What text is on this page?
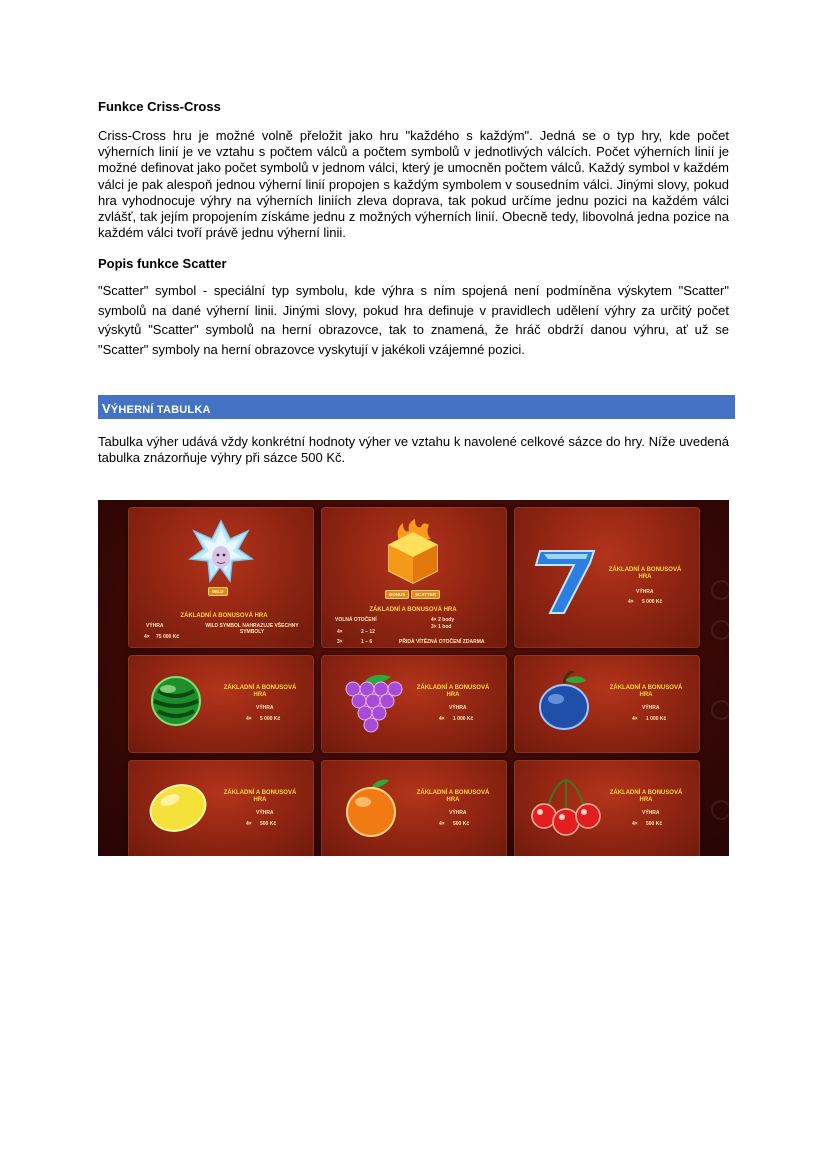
Funkce Criss-Cross

Criss-Cross hru je možné volně přeložit jako hru "každého s každým". Jedná se o typ hry, kde počet výherních linií je ve vztahu s počtem válců a počtem symbolů v jednotlivých válcích. Počet výherních linií je možné definovat jako počet symbolů v jednom válci, který je umocněn počtem válců. Každý symbol v každém válci je pak alespoň jednou výherní linií propojen s každým symbolem v sousedním válci. Jinými slovy, pokud hra vyhodnocuje výhry na výherních liniích zleva doprava, tak pokud určíme jednu pozici na každém válci zvlášť, tak jejím propojením získáme jednu z možných výherních linií. Obecně tedy, libovolná jedna pozice na každém válci tvoří právě jednu výherní linii.

Popis funkce Scatter

"Scatter" symbol - speciální typ symbolu, kde výhra s ním spojená není podmíněna výskytem "Scatter" symbolů na dané výherní linii. Jinými slovy, pokud hra definuje v pravidlech udělení výhry za určitý počet výskytů "Scatter" symbolů na herní obrazovce, tak to znamená, že hráč obdrží danou výhru, ať už se "Scatter" symboly na herní obrazovce vyskytují v jakékoli vzájemné pozici.

VÝHERNÍ TABULKA

Tabulka výher udává vždy konkrétní hodnoty výher ve vztahu k navolené celkové sázce do hry. Níže uvedená tabulka znázorňuje výhry při sázce 500 Kč.

WILD
ZÁKLADNÍ A BONUSOVÁ HRA
VÝHRA
4× 75 000 Kč
WILD SYMBOL NAHRAZUJE VŠECHNY SYMBOLY
BONUS	SCATTER
ZÁKLADNÍ A BONUSOVÁ HRA
VOLNÁ OTOČENÍ
4×	2 – 12
3×	1 – 6
4× 2 body
3× 1 bod
PŘIDÁ VÍTĚZNÁ OTOČENÍ ZDARMA
ZÁKLADNÍ A BONUSOVÁ HRA
VÝHRA
4× 5 000 Kč
ZÁKLADNÍ A BONUSOVÁ HRA
VÝHRA
4× 5 000 Kč
ZÁKLADNÍ A BONUSOVÁ HRA
VÝHRA
4× 1 000 Kč
ZÁKLADNÍ A BONUSOVÁ HRA
VÝHRA
4× 1 000 Kč
ZÁKLADNÍ A BONUSOVÁ HRA
VÝHRA
4× 500 Kč
ZÁKLADNÍ A BONUSOVÁ HRA
VÝHRA
4× 500 Kč
ZÁKLADNÍ A BONUSOVÁ HRA
VÝHRA
4× 500 Kč
